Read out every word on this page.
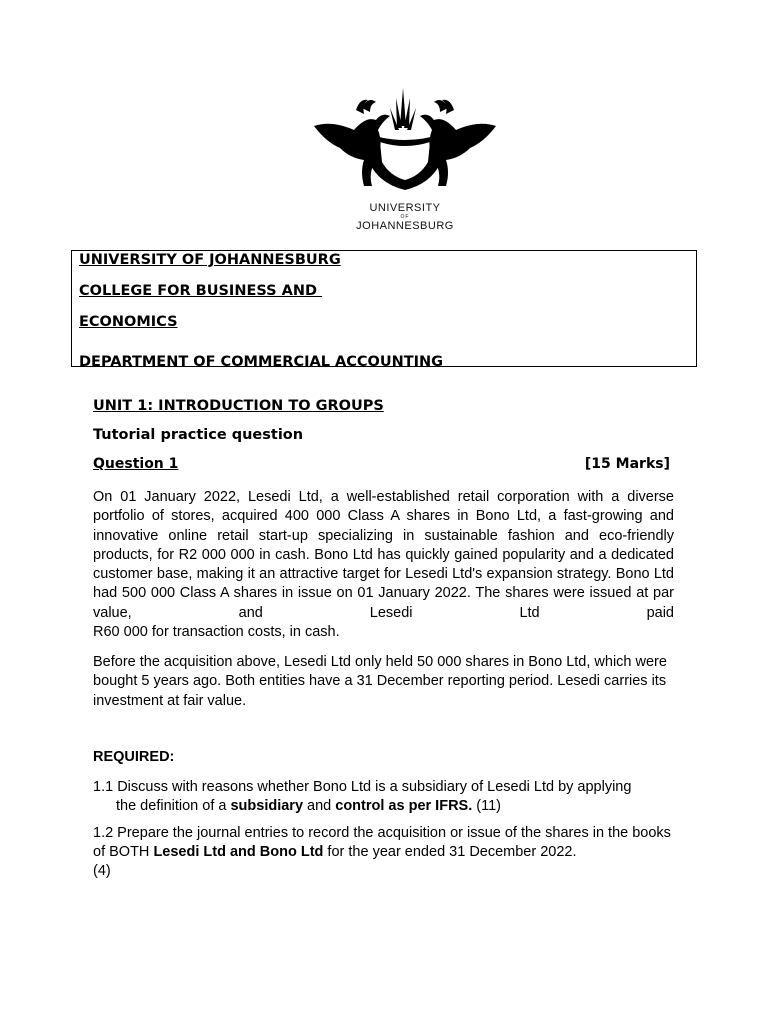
UNIVERSITY
OF
JOHANNESBURG
UNIVERSITY OF JOHANNESBURG
COLLEGE FOR BUSINESS AND
ECONOMICS
DEPARTMENT OF COMMERCIAL ACCOUNTING
UNIT 1: INTRODUCTION TO GROUPS
Tutorial practice question
Question 1	[15 Marks]
On 01 January 2022, Lesedi Ltd, a well-established retail corporation with a diverse portfolio of stores, acquired 400 000 Class A shares in Bono Ltd, a fast-growing and innovative online retail start-up specializing in sustainable fashion and eco-friendly products, for R2 000 000 in cash. Bono Ltd has quickly gained popularity and a dedicated customer base, making it an attractive target for Lesedi Ltd's expansion strategy. Bono Ltd had 500 000 Class A shares in issue on 01 January 2022. The shares were issued at par value, and Lesedi Ltd paid
R60 000 for transaction costs, in cash.
Before the acquisition above, Lesedi Ltd only held 50 000 shares in Bono Ltd, which were bought 5 years ago. Both entities have a 31 December reporting period. Lesedi carries its investment at fair value.
REQUIRED:
1.1 Discuss with reasons whether Bono Ltd is a subsidiary of Lesedi Ltd by applying
the definition of a subsidiary and control as per IFRS. (11)
1.2 Prepare the journal entries to record the acquisition or issue of the shares in the books of BOTH Lesedi Ltd and Bono Ltd for the year ended 31 December 2022.
(4)
